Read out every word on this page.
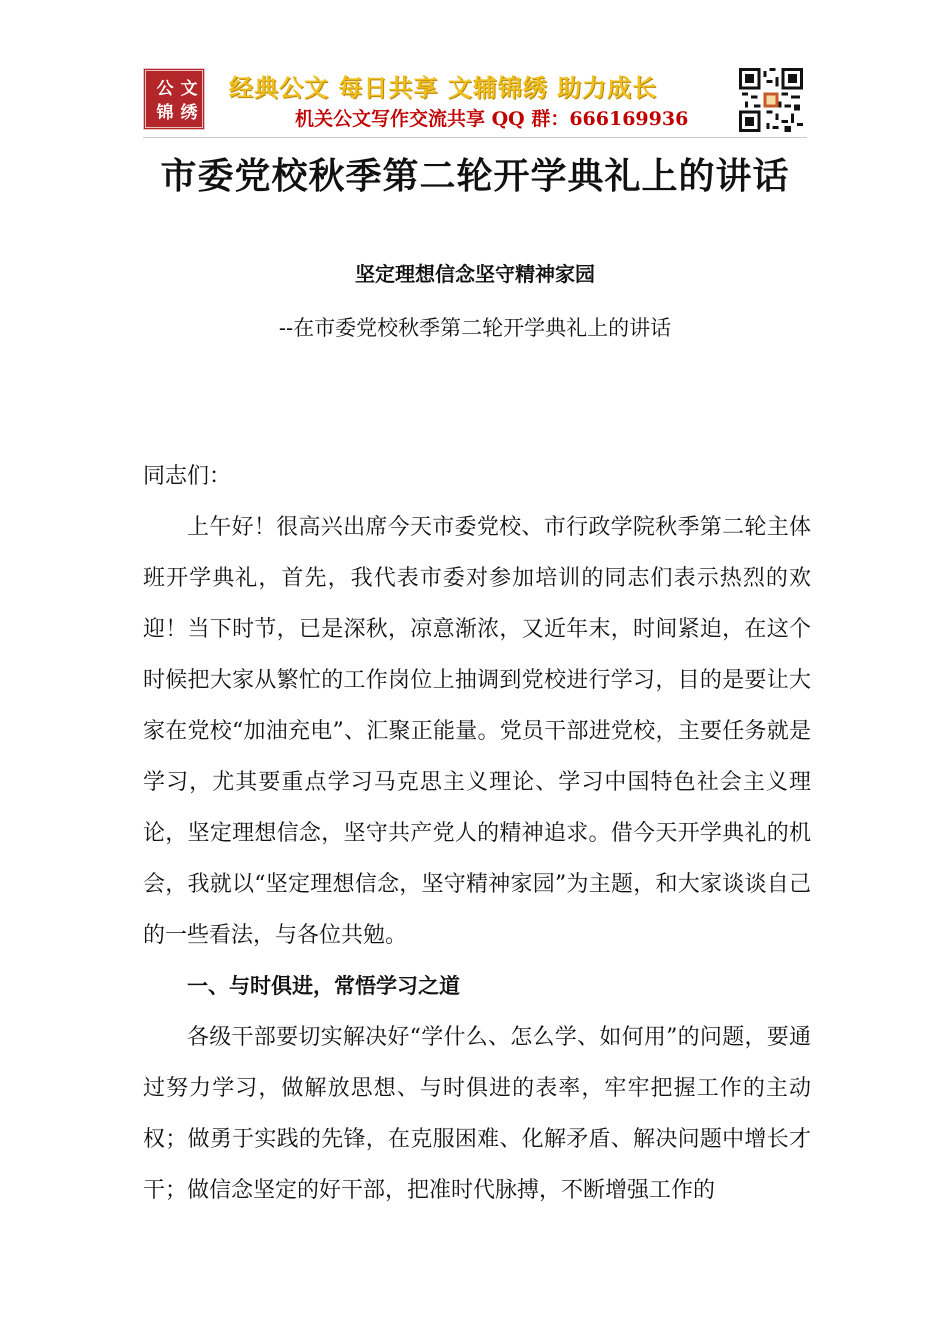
公 文
锦 绣
经典公文 每日共享 文辅锦绣 助力成长
机关公文写作交流共享 QQ 群：666169936
市委党校秋季第二轮开学典礼上的讲话
坚定理想信念坚守精神家园
--在市委党校秋季第二轮开学典礼上的讲话

同志们：

上午好！很高兴出席今天市委党校、市行政学院秋季第二轮主体班开学典礼，首先，我代表市委对参加培训的同志们表示热烈的欢迎！当下时节，已是深秋，凉意渐浓，又近年末，时间紧迫，在这个时候把大家从繁忙的工作岗位上抽调到党校进行学习，目的是要让大家在党校“加油充电”、汇聚正能量。党员干部进党校，主要任务就是学习，尤其要重点学习马克思主义理论、学习中国特色社会主义理论，坚定理想信念，坚守共产党人的精神追求。借今天开学典礼的机会，我就以“坚定理想信念，坚守精神家园”为主题，和大家谈谈自己的一些看法，与各位共勉。

一、与时俱进，常悟学习之道

各级干部要切实解决好“学什么、怎么学、如何用”的问题，要通过努力学习，做解放思想、与时俱进的表率，牢牢把握工作的主动权；做勇于实践的先锋，在克服困难、化解矛盾、解决问题中增长才干；做信念坚定的好干部，把准时代脉搏，不断增强工作的
